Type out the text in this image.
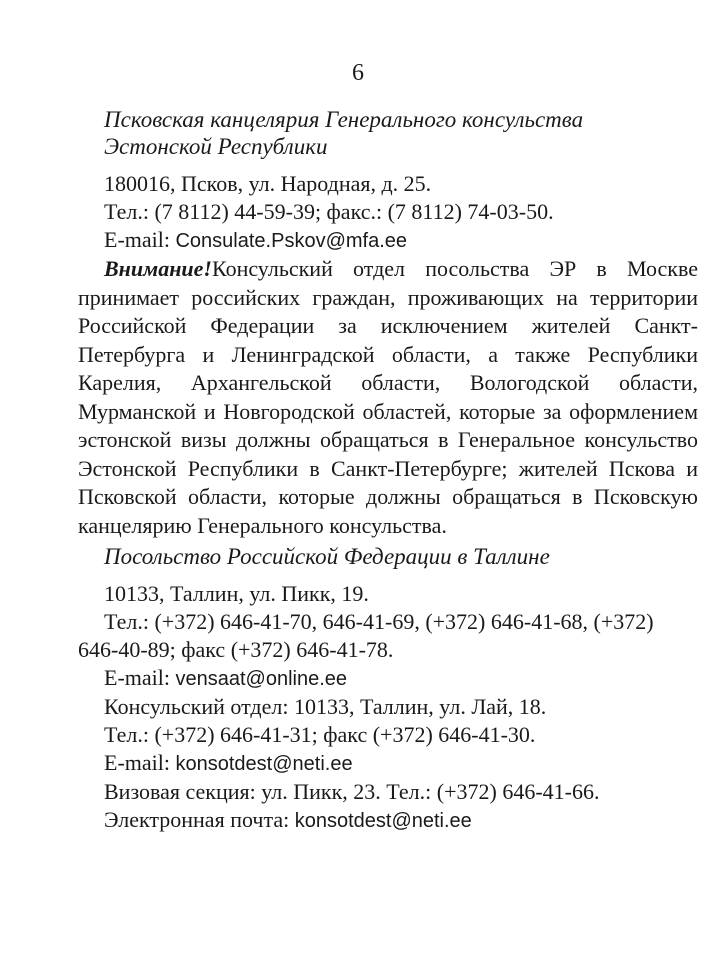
6
Псковская канцелярия Генерального консульства
Эстонской Республики

180016, Псков, ул. Народная, д. 25.

Тел.: (7 8112) 44-59-39; факс.: (7 8112) 74-03-50.

E-mail: Consulate.Pskov@mfa.ee

Внимание!Консульский отдел посольства ЭР в Москве принимает российских граждан, проживающих на территории Российской Федерации за исключением жителей Санкт-Петербурга и Ленинградской области, а также Республики Карелия, Архангельской области, Вологодской области, Мурманской и Новгородской областей, которые за оформлением эстонской визы должны обращаться в Генеральное консульство Эстонской Республики в Санкт-Петербурге; жителей Пскова и Псковской области, которые должны обращаться в Псковскую канцелярию Генерального консульства.

Посольство Российской Федерации в Таллине

10133, Таллин, ул. Пикк, 19.

Тел.: (+372) 646-41-70, 646-41-69, (+372) 646-41-68, (+372)

646-40-89; факс (+372) 646-41-78.

E-mail: vensaat@online.ee

Консульский отдел: 10133, Таллин, ул. Лай, 18.

Тел.: (+372) 646-41-31; факс (+372) 646-41-30.

E-mail: konsotdest@neti.ee

Визовая секция: ул. Пикк, 23. Тел.: (+372) 646-41-66.

Электронная почта: konsotdest@neti.ee
